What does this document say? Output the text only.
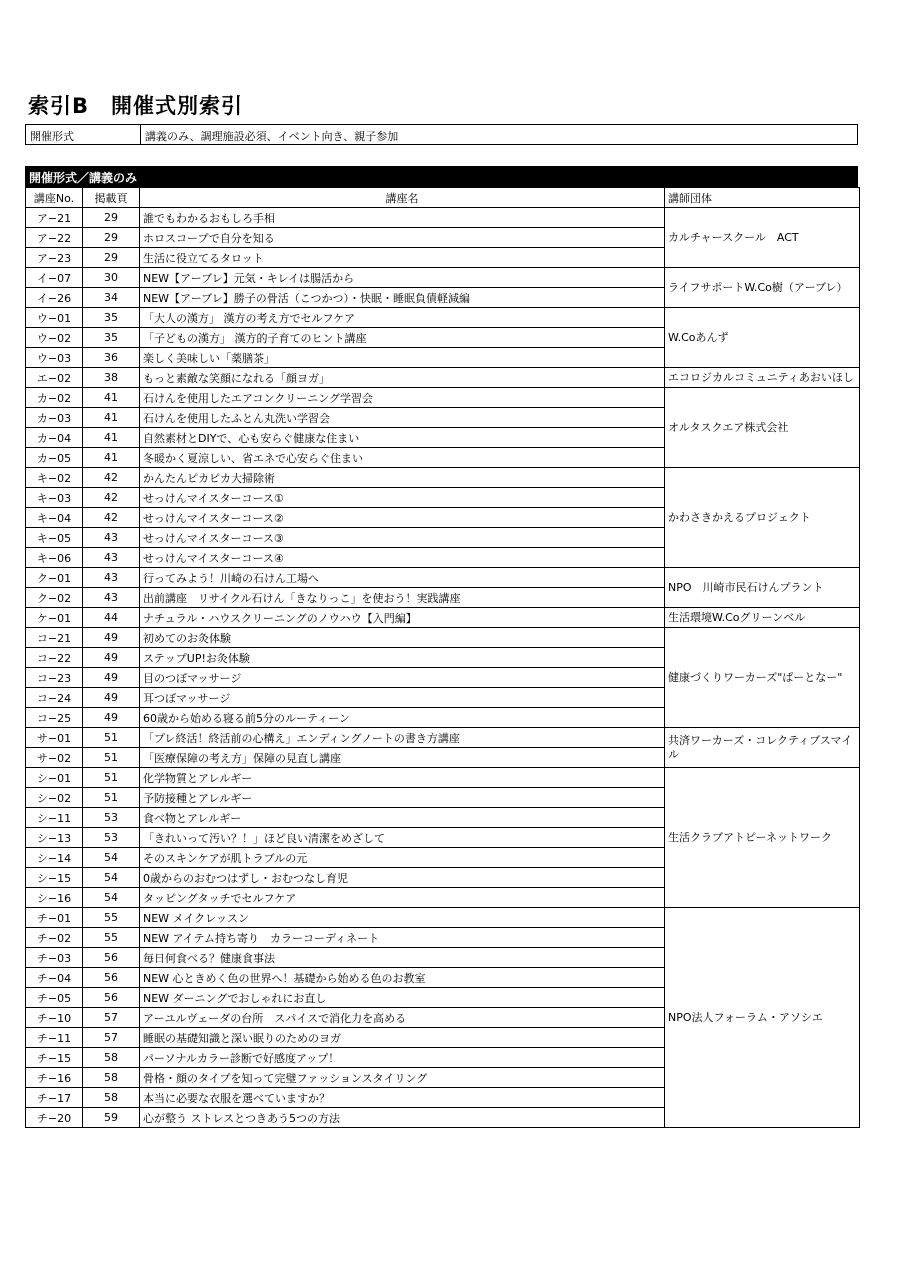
索引B　開催式別索引
開催形式	講義のみ、調理施設必須、イベント向き、親子参加
開催形式／講義のみ
講座No.	掲載頁	講座名	講師団体
ア−21	29	誰でもわかるおもしろ手相	カルチャースクール　ACT
ア−22	29	ホロスコープで自分を知る	
ア−23	29	生活に役立てるタロット	
イ−07	30	NEW【アーブレ】元気・キレイは腸活から	ライフサポートW.Co樹（アーブレ）
イ−26	34	NEW【アーブレ】勝子の骨活（こつかつ）・快眠・睡眠負債軽減編	
ウ−01	35	「大人の漢方」 漢方の考え方でセルフケア	W.Coあんず
ウ−02	35	「子どもの漢方」 漢方的子育てのヒント講座	
ウ−03	36	楽しく美味しい「薬膳茶」	
エ−02	38	もっと素敵な笑顔になれる「顔ヨガ」	エコロジカルコミュニティあおいほし
カ−02	41	石けんを使用したエアコンクリーニング学習会	オルタスクエア株式会社
カ−03	41	石けんを使用したふとん丸洗い学習会	
カ−04	41	自然素材とDIYで、心も安らぐ健康な住まい	
カ−05	41	冬暖かく夏涼しい、省エネで心安らぐ住まい	
キ−02	42	かんたんピカピカ大掃除術	かわさきかえるプロジェクト
キ−03	42	せっけんマイスターコース①	
キ−04	42	せっけんマイスターコース②	
キ−05	43	せっけんマイスターコース③	
キ−06	43	せっけんマイスターコース④	
ク−01	43	行ってみよう！川崎の石けん工場へ	NPO　川崎市民石けんプラント
ク−02	43	出前講座　リサイクル石けん「きなりっこ」を使おう！実践講座	
ケ−01	44	ナチュラル・ハウスクリーニングのノウハウ【入門編】	生活環境W.Coグリーンベル
コ−21	49	初めてのお灸体験	健康づくりワーカーズ"ぱーとなー"
コ−22	49	ステップUP!お灸体験	
コ−23	49	目のつぼマッサージ	
コ−24	49	耳つぼマッサージ	
コ−25	49	60歳から始める寝る前5分のルーティーン	
サ−01	51	「プレ終活！終活前の心構え」エンディングノートの書き方講座	共済ワーカーズ・コレクティブスマイル
サ−02	51	「医療保障の考え方」保障の見直し講座	
シ−01	51	化学物質とアレルギー	生活クラブアトピーネットワーク
シ−02	51	予防接種とアレルギー	
シ−11	53	食べ物とアレルギー	
シ−13	53	「きれいって汚い？！」ほど良い清潔をめざして	
シ−14	54	そのスキンケアが肌トラブルの元	
シ−15	54	0歳からのおむつはずし・おむつなし育児	
シ−16	54	タッピングタッチでセルフケア	
チ−01	55	NEW メイクレッスン	NPO法人フォーラム・アソシエ
チ−02	55	NEW アイテム持ち寄り　カラーコーディネート	
チ−03	56	毎日何食べる？健康食事法	
チ−04	56	NEW 心ときめく色の世界へ！基礎から始める色のお教室	
チ−05	56	NEW ダーニングでおしゃれにお直し	
チ−10	57	アーユルヴェーダの台所　スパイスで消化力を高める	
チ−11	57	睡眠の基礎知識と深い眠りのためのヨガ	
チ−15	58	パーソナルカラー診断で好感度アップ！	
チ−16	58	骨格・顔のタイプを知って完璧ファッションスタイリング	
チ−17	58	本当に必要な衣服を選べていますか？	
チ−20	59	心が整う ストレスとつきあう5つの方法	
